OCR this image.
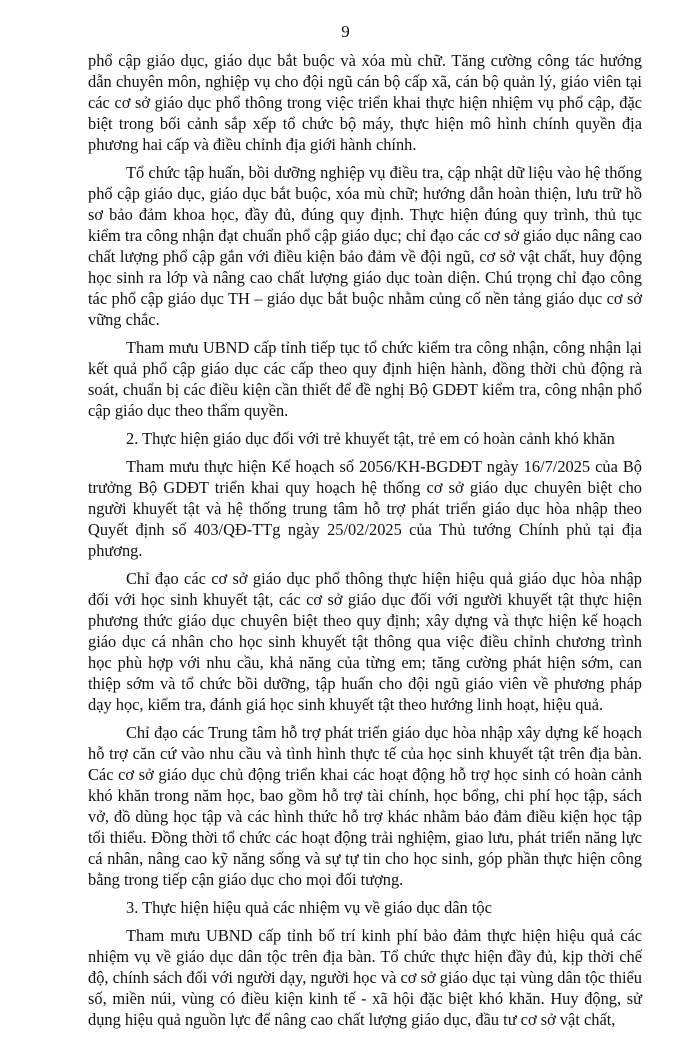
9

phổ cập giáo dục, giáo dục bắt buộc và xóa mù chữ. Tăng cường công tác hướng dẫn chuyên môn, nghiệp vụ cho đội ngũ cán bộ cấp xã, cán bộ quản lý, giáo viên tại các cơ sở giáo dục phổ thông trong việc triển khai thực hiện nhiệm vụ phổ cập, đặc biệt trong bối cảnh sắp xếp tổ chức bộ máy, thực hiện mô hình chính quyền địa phương hai cấp và điều chỉnh địa giới hành chính.

Tổ chức tập huấn, bồi dưỡng nghiệp vụ điều tra, cập nhật dữ liệu vào hệ thống phổ cập giáo dục, giáo dục bắt buộc, xóa mù chữ; hướng dẫn hoàn thiện, lưu trữ hồ sơ bảo đảm khoa học, đầy đủ, đúng quy định. Thực hiện đúng quy trình, thủ tục kiểm tra công nhận đạt chuẩn phổ cập giáo dục; chỉ đạo các cơ sở giáo dục nâng cao chất lượng phổ cập gắn với điều kiện bảo đảm về đội ngũ, cơ sở vật chất, huy động học sinh ra lớp và nâng cao chất lượng giáo dục toàn diện. Chú trọng chỉ đạo công tác phổ cập giáo dục TH – giáo dục bắt buộc nhằm củng cố nền tảng giáo dục cơ sở vững chắc.

Tham mưu UBND cấp tỉnh tiếp tục tổ chức kiểm tra công nhận, công nhận lại kết quả phổ cập giáo dục các cấp theo quy định hiện hành, đồng thời chủ động rà soát, chuẩn bị các điều kiện cần thiết để đề nghị Bộ GDĐT kiểm tra, công nhận phổ cập giáo dục theo thẩm quyền.

2. Thực hiện giáo dục đối với trẻ khuyết tật, trẻ em có hoàn cảnh khó khăn

Tham mưu thực hiện Kế hoạch số 2056/KH-BGDĐT ngày 16/7/2025 của Bộ trưởng Bộ GDĐT triển khai quy hoạch hệ thống cơ sở giáo dục chuyên biệt cho người khuyết tật và hệ thống trung tâm hỗ trợ phát triển giáo dục hòa nhập theo Quyết định số 403/QĐ-TTg ngày 25/02/2025 của Thủ tướng Chính phủ tại địa phương.

Chỉ đạo các cơ sở giáo dục phổ thông thực hiện hiệu quả giáo dục hòa nhập đối với học sinh khuyết tật, các cơ sở giáo dục đối với người khuyết tật thực hiện phương thức giáo dục chuyên biệt theo quy định; xây dựng và thực hiện kế hoạch giáo dục cá nhân cho học sinh khuyết tật thông qua việc điều chỉnh chương trình học phù hợp với nhu cầu, khả năng của từng em; tăng cường phát hiện sớm, can thiệp sớm và tổ chức bồi dưỡng, tập huấn cho đội ngũ giáo viên về phương pháp dạy học, kiểm tra, đánh giá học sinh khuyết tật theo hướng linh hoạt, hiệu quả.

Chỉ đạo các Trung tâm hỗ trợ phát triển giáo dục hòa nhập xây dựng kế hoạch hỗ trợ căn cứ vào nhu cầu và tình hình thực tế của học sinh khuyết tật trên địa bàn. Các cơ sở giáo dục chủ động triển khai các hoạt động hỗ trợ học sinh có hoàn cảnh khó khăn trong năm học, bao gồm hỗ trợ tài chính, học bổng, chi phí học tập, sách vở, đồ dùng học tập và các hình thức hỗ trợ khác nhằm bảo đảm điều kiện học tập tối thiểu. Đồng thời tổ chức các hoạt động trải nghiệm, giao lưu, phát triển năng lực cá nhân, nâng cao kỹ năng sống và sự tự tin cho học sinh, góp phần thực hiện công bằng trong tiếp cận giáo dục cho mọi đối tượng.

3. Thực hiện hiệu quả các nhiệm vụ về giáo dục dân tộc

Tham mưu UBND cấp tỉnh bố trí kinh phí bảo đảm thực hiện hiệu quả các nhiệm vụ về giáo dục dân tộc trên địa bàn. Tổ chức thực hiện đầy đủ, kịp thời chế độ, chính sách đối với người dạy, người học và cơ sở giáo dục tại vùng dân tộc thiểu số, miền núi, vùng có điều kiện kinh tế - xã hội đặc biệt khó khăn. Huy động, sử dụng hiệu quả nguồn lực để nâng cao chất lượng giáo dục, đầu tư cơ sở vật chất,
